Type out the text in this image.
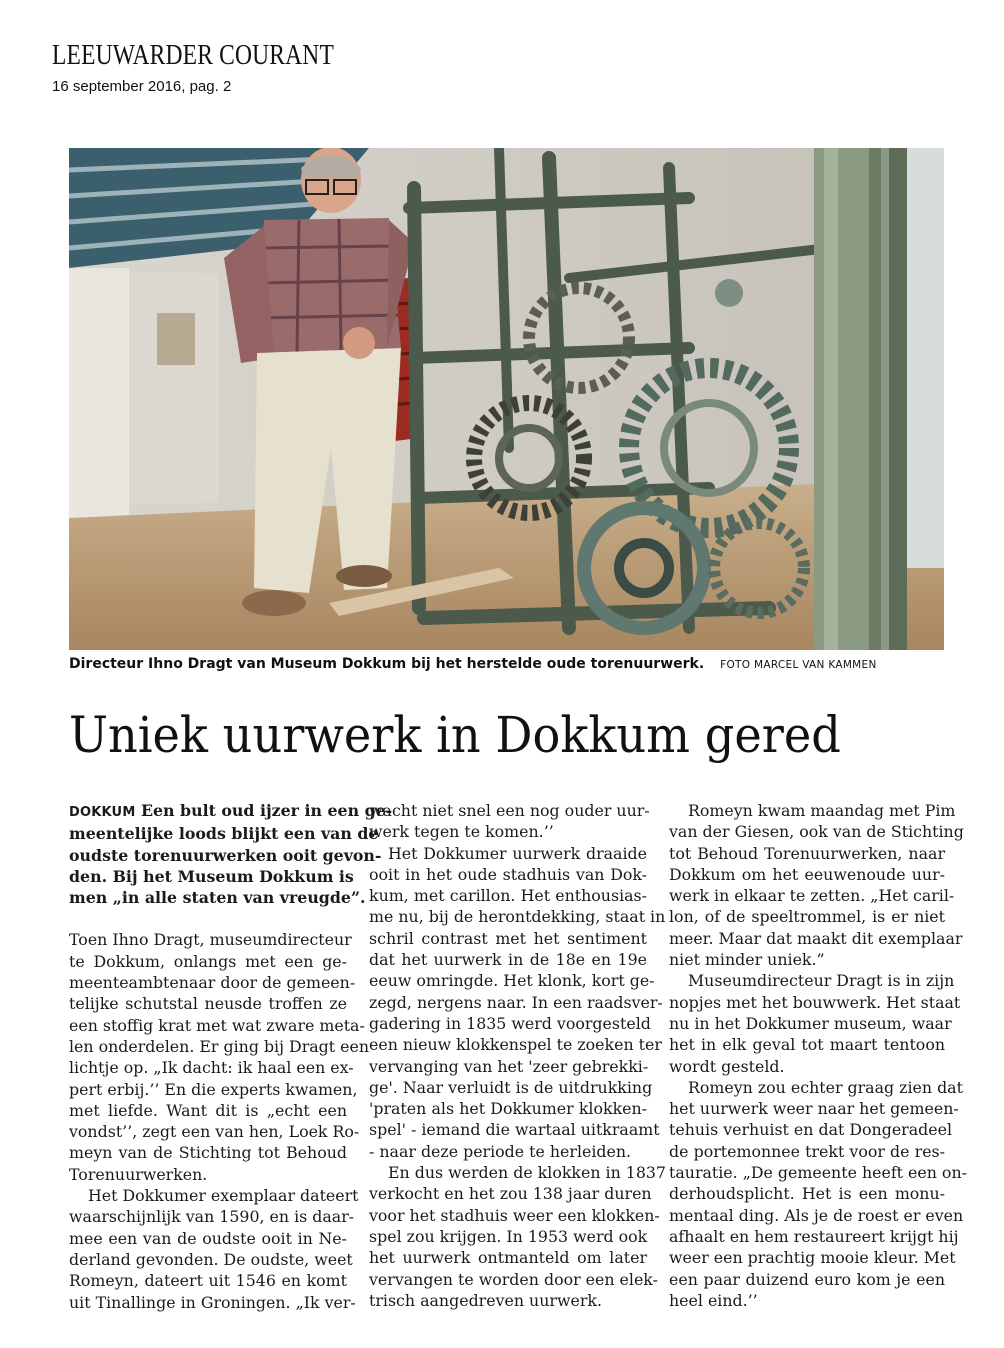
LEEUWARDER COURANT
16 september 2016, pag. 2
Directeur Ihno Dragt van Museum Dokkum bij het herstelde oude torenuurwerk. FOTO MARCEL VAN KAMMEN
Uniek uurwerk in Dokkum gered

DOKKUM Een bult oud ijzer in een ge-

meentelijke loods blijkt een van de

oudste torenuurwerken ooit gevon-

den. Bij het Museum Dokkum is

men „in alle staten van vreugde”.

Toen Ihno Dragt, museumdirecteur

te Dokkum, onlangs met een ge-

meenteambtenaar door de gemeen-

telijke schutstal neusde troffen ze

een stoffig krat met wat zware meta-

len onderdelen. Er ging bij Dragt een

lichtje op. „Ik dacht: ik haal een ex-

pert erbij.’’ En die experts kwamen,

met liefde. Want dit is „echt een

vondst’’, zegt een van hen, Loek Ro-

meyn van de Stichting tot Behoud

Torenuurwerken.

Het Dokkumer exemplaar dateert

waarschijnlijk van 1590, en is daar-

mee een van de oudste ooit in Ne-

derland gevonden. De oudste, weet

Romeyn, dateert uit 1546 en komt

uit Tinallinge in Groningen. „Ik ver-

wacht niet snel een nog ouder uur-

werk tegen te komen.’’

Het Dokkumer uurwerk draaide

ooit in het oude stadhuis van Dok-

kum, met carillon. Het enthousias-

me nu, bij de herontdekking, staat in

schril contrast met het sentiment

dat het uurwerk in de 18e en 19e

eeuw omringde. Het klonk, kort ge-

zegd, nergens naar. In een raadsver-

gadering in 1835 werd voorgesteld

een nieuw klokkenspel te zoeken ter

vervanging van het 'zeer gebrekki-

ge'. Naar verluidt is de uitdrukking

'praten als het Dokkumer klokken-

spel' - iemand die wartaal uitkraamt

- naar deze periode te herleiden.

En dus werden de klokken in 1837

verkocht en het zou 138 jaar duren

voor het stadhuis weer een klokken-

spel zou krijgen. In 1953 werd ook

het uurwerk ontmanteld om later

vervangen te worden door een elek-

trisch aangedreven uurwerk.

Romeyn kwam maandag met Pim

van der Giesen, ook van de Stichting

tot Behoud Torenuurwerken, naar

Dokkum om het eeuwenoude uur-

werk in elkaar te zetten. „Het caril-

lon, of de speeltrommel, is er niet

meer. Maar dat maakt dit exemplaar

niet minder uniek.”

Museumdirecteur Dragt is in zijn

nopjes met het bouwwerk. Het staat

nu in het Dokkumer museum, waar

het in elk geval tot maart tentoon

wordt gesteld.

Romeyn zou echter graag zien dat

het uurwerk weer naar het gemeen-

tehuis verhuist en dat Dongeradeel

de portemonnee trekt voor de res-

tauratie. „De gemeente heeft een on-

derhoudsplicht. Het is een monu-

mentaal ding. Als je de roest er even

afhaalt en hem restaureert krijgt hij

weer een prachtig mooie kleur. Met

een paar duizend euro kom je een

heel eind.’’
